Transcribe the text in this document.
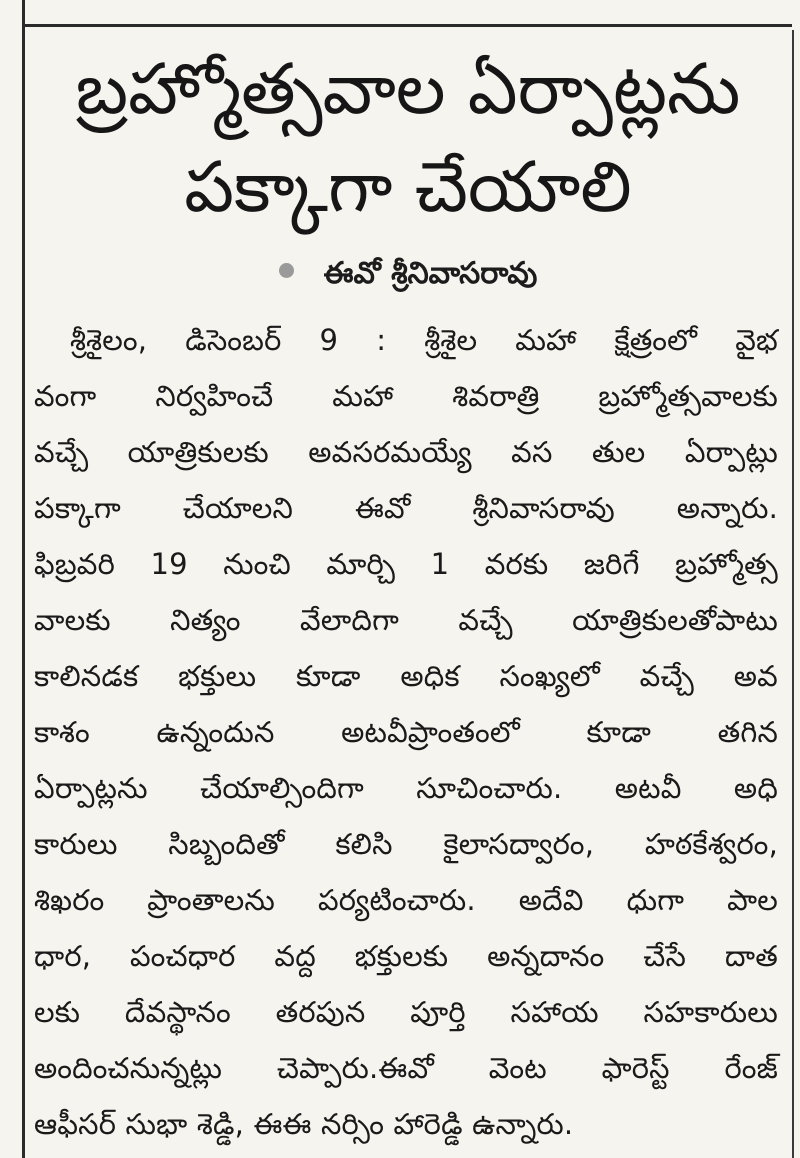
బ్రహ్మోత్సవాల ఏర్పాట్లను
పక్కాగా చేయాలి
ఈవో శ్రీనివాసరావు
శ్రీశైలం, డిసెంబర్ 9 : శ్రీశైల మహా క్షేత్రంలో వైభ
వంగా నిర్వహించే మహా శివరాత్రి బ్రహ్మోత్సవాలకు
వచ్చే యాత్రికులకు అవసరమయ్యే వస తుల ఏర్పాట్లు
పక్కాగా చేయాలని ఈవో శ్రీనివాసరావు అన్నారు.
ఫిబ్రవరి 19 నుంచి మార్చి 1 వరకు జరిగే బ్రహ్మోత్స
వాలకు నిత్యం వేలాదిగా వచ్చే యాత్రికులతోపాటు
కాలినడక భక్తులు కూడా అధిక సంఖ్యలో వచ్చే అవ
కాశం ఉన్నందున అటవీప్రాంతంలో కూడా తగిన
ఏర్పాట్లను చేయాల్సిందిగా సూచించారు. అటవీ అధి
కారులు సిబ్బందితో కలిసి కైలాసద్వారం, హఠకేశ్వరం,
శిఖరం ప్రాంతాలను పర్యటించారు. అదేవి ధుగా పాల
ధార, పంచధార వద్ద భక్తులకు అన్నదానం చేసే దాత
లకు దేవస్థానం తరపున పూర్తి సహాయ సహకారులు
అందించనున్నట్లు చెప్పారు.ఈవో వెంట ఫారెస్ట్ రేంజ్
ఆఫీసర్ సుభా శెడ్డి, ఈఈ నర్సిం హారెడ్డి ఉన్నారు.
